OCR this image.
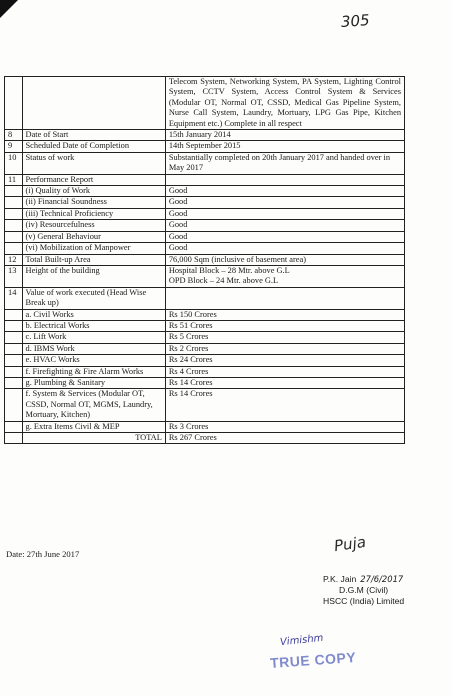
305
		Telecom System, Networking System, PA System, Lighting Control System, CCTV System, Access Control System & Services (Modular OT, Normal OT, CSSD, Medical Gas Pipeline System, Nurse Call System, Laundry, Mortuary, LPG Gas Pipe, Kitchen Equipment etc.) Complete in all respect
8	Date of Start	15th January 2014
9	Scheduled Date of Completion	14th September 2015
10	Status of work	Substantially completed on 20th January 2017 and handed over in May 2017
11	Performance Report	
	(i) Quality of Work	Good
	(ii) Financial Soundness	Good
	(iii) Technical Proficiency	Good
	(iv) Resourcefulness	Good
	(v) General Behaviour	Good
	(vi) Mobilization of Manpower	Good
12	Total Built-up Area	76,000 Sqm (inclusive of basement area)
13	Height of the building	Hospital Block – 28 Mtr. above G.L
OPD Block – 24 Mtr. above G.L

14	Value of work executed (Head Wise Break up)	
	a. Civil Works	Rs 150 Crores
	b. Electrical Works	Rs 51 Crores
	c. Lift Work	Rs 5 Crores
	d. IBMS Work	Rs 2 Crores
	e. HVAC Works	Rs 24 Crores
	f. Firefighting & Fire Alarm Works	Rs 4 Crores
	g. Plumbing & Sanitary	Rs 14 Crores
	f. System & Services (Modular OT, CSSD, Normal OT, MGMS, Laundry, Mortuary, Kitchen)	Rs 14 Crores
	g. Extra Items Civil & MEP	Rs 3 Crores
	TOTAL	Rs 267 Crores
Date: 27th June 2017	Puja
P.K. Jain 27/6/2017
D.G.M (Civil)
HSCC (India) Limited
Vimishm
TRUE COPY
